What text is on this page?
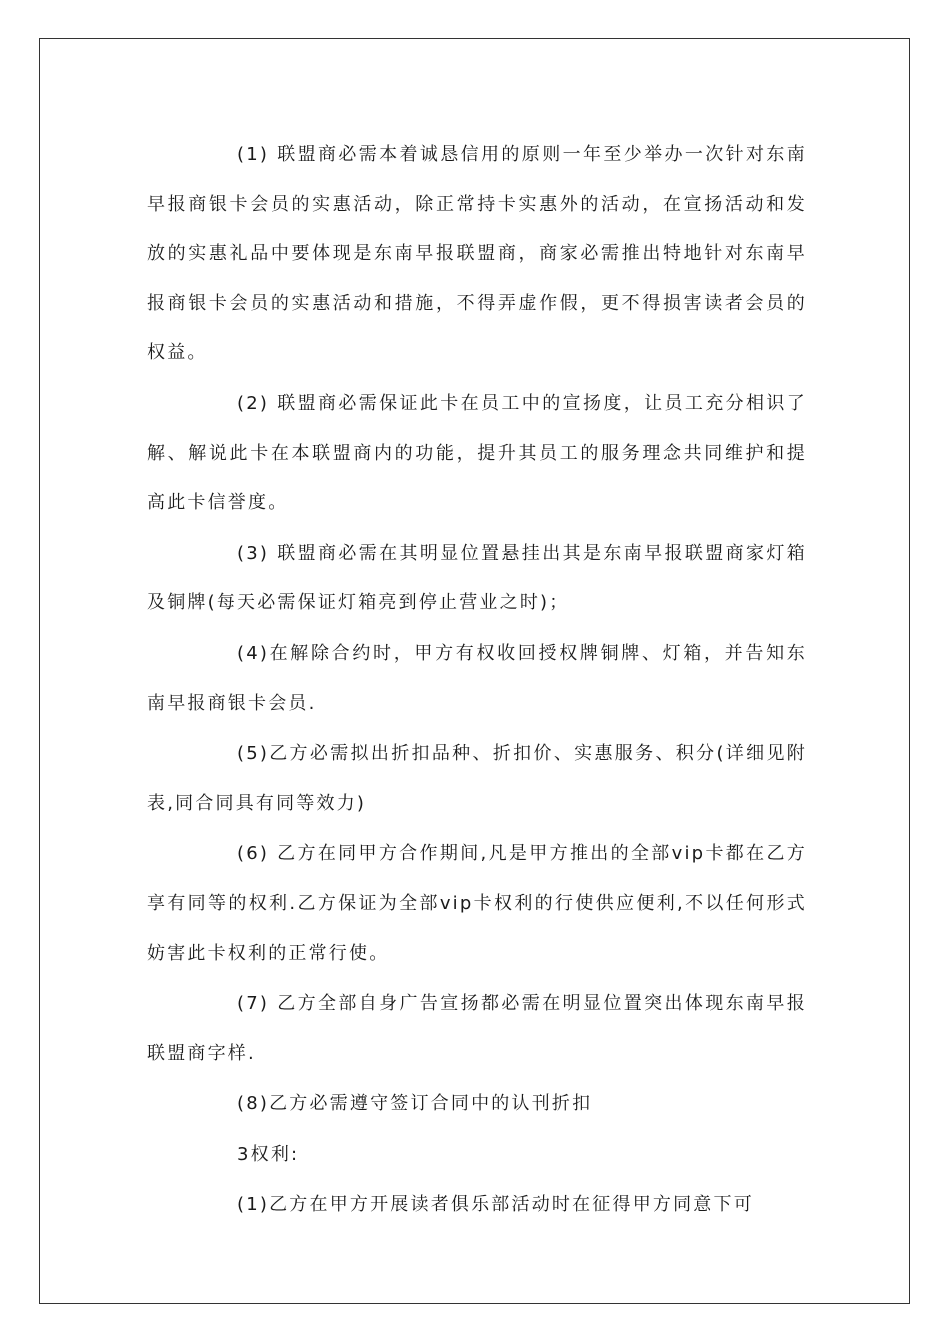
(1) 联盟商必需本着诚恳信用的原则一年至少举办一次针对东南早报商银卡会员的实惠活动，除正常持卡实惠外的活动，在宣扬活动和发放的实惠礼品中要体现是东南早报联盟商，商家必需推出特地针对东南早报商银卡会员的实惠活动和措施，不得弄虚作假，更不得损害读者会员的权益。

(2) 联盟商必需保证此卡在员工中的宣扬度，让员工充分相识了解、解说此卡在本联盟商内的功能，提升其员工的服务理念共同维护和提高此卡信誉度。

(3) 联盟商必需在其明显位置悬挂出其是东南早报联盟商家灯箱及铜牌(每天必需保证灯箱亮到停止营业之时)；

(4)在解除合约时，甲方有权收回授权牌铜牌、灯箱，并告知东南早报商银卡会员.

(5)乙方必需拟出折扣品种、折扣价、实惠服务、积分(详细见附表,同合同具有同等效力)

(6) 乙方在同甲方合作期间,凡是甲方推出的全部vip卡都在乙方享有同等的权利.乙方保证为全部vip卡权利的行使供应便利,不以任何形式妨害此卡权利的正常行使。

(7) 乙方全部自身广告宣扬都必需在明显位置突出体现东南早报联盟商字样.

(8)乙方必需遵守签订合同中的认刊折扣

3权利:

(1)乙方在甲方开展读者俱乐部活动时在征得甲方同意下可
